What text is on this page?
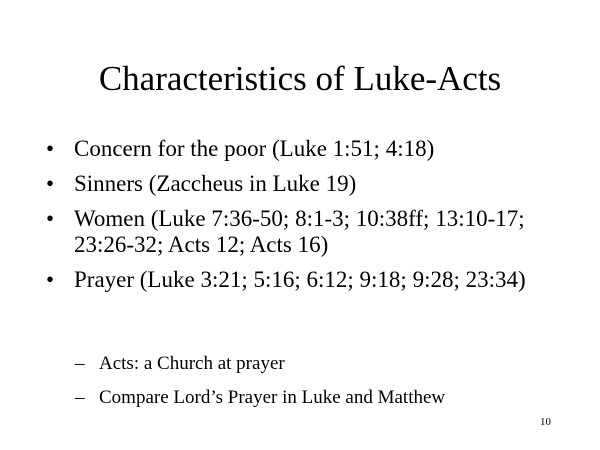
Characteristics of Luke-Acts
• Concern for the poor (Luke 1:51; 4:18)
• Sinners (Zaccheus in Luke 19)
• Women (Luke 7:36-50; 8:1-3; 10:38ff; 13:10-17; 23:26-32; Acts 12; Acts 16)
• Prayer (Luke 3:21; 5:16; 6:12; 9:18; 9:28; 23:34)
– Acts: a Church at prayer
– Compare Lord’s Prayer in Luke and Matthew
10
